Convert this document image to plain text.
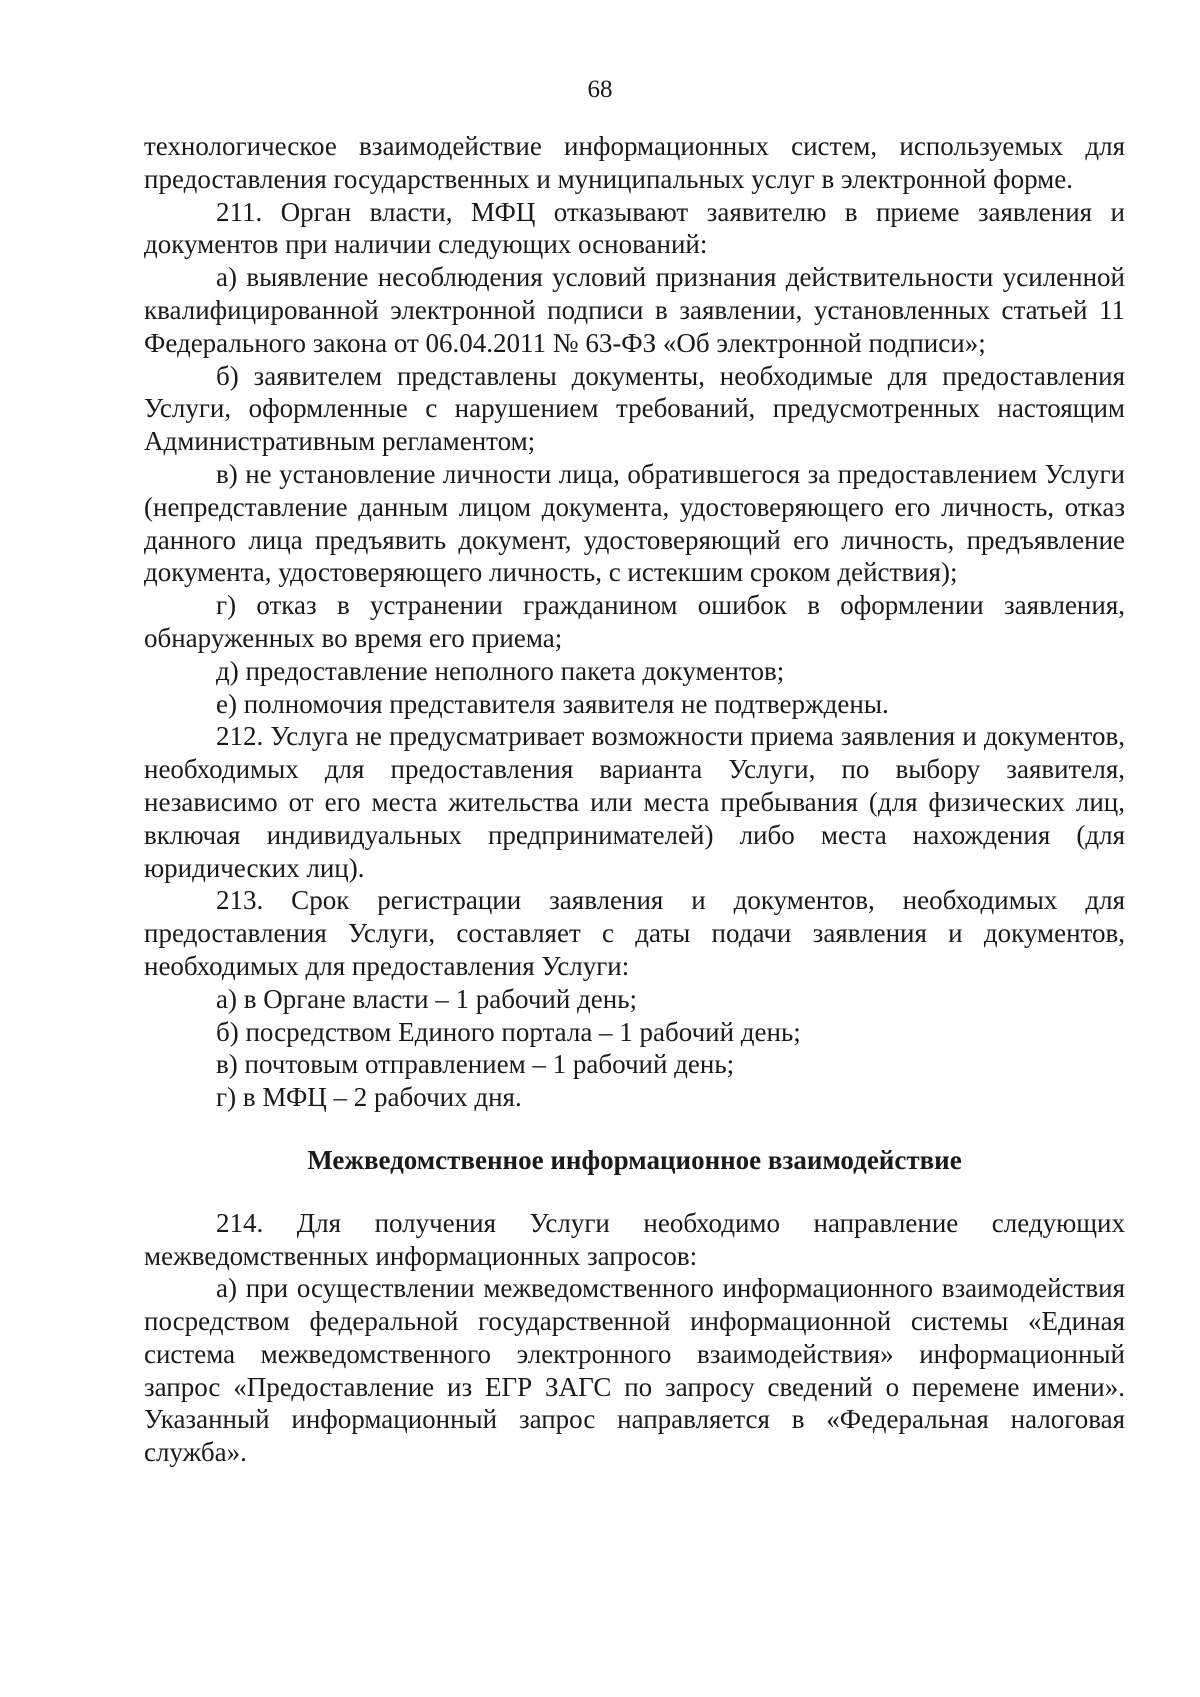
68

технологическое взаимодействие информационных систем, используемых для предоставления государственных и муниципальных услуг в электронной форме.

211. Орган власти, МФЦ отказывают заявителю в приеме заявления и документов при наличии следующих оснований:

а) выявление несоблюдения условий признания действительности усиленной квалифицированной электронной подписи в заявлении, установленных статьей 11 Федерального закона от 06.04.2011 № 63-ФЗ «Об электронной подписи»;

б) заявителем представлены документы, необходимые для предоставления Услуги, оформленные с нарушением требований, предусмотренных настоящим Административным регламентом;

в) не установление личности лица, обратившегося за предоставлением Услуги (непредставление данным лицом документа, удостоверяющего его личность, отказ данного лица предъявить документ, удостоверяющий его личность, предъявление документа, удостоверяющего личность, с истекшим сроком действия);

г) отказ в устранении гражданином ошибок в оформлении заявления, обнаруженных во время его приема;

д) предоставление неполного пакета документов;

е) полномочия представителя заявителя не подтверждены.

212. Услуга не предусматривает возможности приема заявления и документов, необходимых для предоставления варианта Услуги, по выбору заявителя, независимо от его места жительства или места пребывания (для физических лиц, включая индивидуальных предпринимателей) либо места нахождения (для юридических лиц).

213. Срок регистрации заявления и документов, необходимых для предоставления Услуги, составляет с даты подачи заявления и документов, необходимых для предоставления Услуги:

а) в Органе власти – 1 рабочий день;

б) посредством Единого портала – 1 рабочий день;

в) почтовым отправлением – 1 рабочий день;

г) в МФЦ – 2 рабочих дня.

Межведомственное информационное взаимодействие

214. Для получения Услуги необходимо направление следующих межведомственных информационных запросов:

а) при осуществлении межведомственного информационного взаимодействия посредством федеральной государственной информационной системы «Единая система межведомственного электронного взаимодействия» информационный запрос «Предоставление из ЕГР ЗАГС по запросу сведений о перемене имени». Указанный информационный запрос направляется в «Федеральная налоговая служба».
